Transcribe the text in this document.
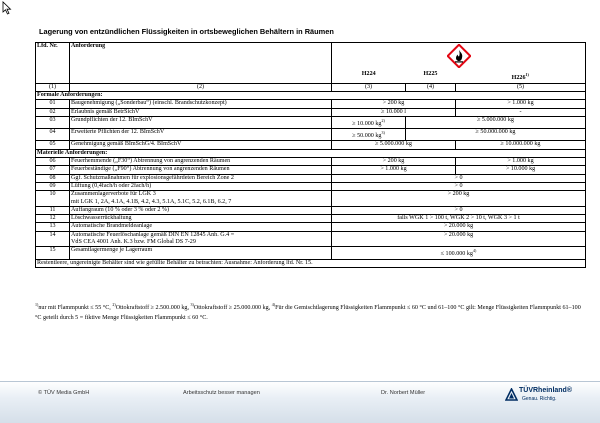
Lagerung von entzündlichen Flüssigkeiten in ortsbeweglichen Behältern in Räumen
Lfd. Nr.	Anforderung	
		H224	H225	H226$^{1)}$
(1)	(2)	(3)	(4)	(5)
Formale Anforderungen:				
01	Baugenehmigung („Sonderbau“) (einschl. Brandschutzkonzept)	> 200 kg		> 1.000 kg
02	Erlaubnis gemäß BetrSichV	≥ 10.000 l		-
03	Grundpflichten der 12. BImSchV	≥ 10.000 $kg^{2)}$	≥ 5.000.000 kg	
04	Erweiterte Pflichten der 12. BImSchV	≥ 50.000 $kg^{3)}$	≥ 50.000.000 kg	
05	Genehmigung gemäß BImSchG/4. BImSchV	≥ 5.000.000 kg		≥ 10.000.000 kg
Materielle Anforderungen:				
06	Feuerhemmende („F30“) Abtrennung von angrenzenden Räumen	> 200 kg		> 1.000 kg
07	Feuerbeständige („F90“) Abtrennung von angrenzenden Räumen	> 1.000 kg		> 10.000 kg
08	Ggf. Schutzmaßnahmen für explosionsgefährdeten Bereich Zone 2	> 0		
09	Lüftung (0,4fach/h oder 2fach/h)	> 0		
10	Zusammenlagerverbote für LGK 3
mit LGK 1, 2A, 4.1A, 4.1B, 4.2, 4.3, 5.1A, 5.1C, 5.2, 6.1B, 6.2, 7	> 200 kg		
11	Auffangraum (10 % oder 3 % oder 2 %)	> 0		
12	Löschwasserrückhaltung	falls WGK 1 > 100 t, WGK 2 > 10 t, WGK 3 > 1 t		
13	Automatische Brandmeldeanlage	> 20.000 kg		
14	Automatische Feuerlöschanlage gemäß DIN EN 12845 Anh. G.4 =
VdS CEA 4001 Anh. K.3 bzw. FM Global DS 7-29	> 20.000 kg		
15	Gesamtlagermenge je Lagerraum	≤ 100.000 $kg^{4)}$
Restentleere, ungereinigte Behälter sind wie gefüllte Behälter zu betrachten: Ausnahme: Anforderung lfd. Nr. 15.				
$^{1)}$nur mit Flammpunkt ≤ 55 °C, $^{2)}$Ottokraftstoff ≥ 2.500.000 kg, $^{3)}$Ottokraftstoff ≥ 25.000.000 kg, $^{4)}$Für die Gemischtlagerung Flüssigkeiten Flammpunkt ≤ 60 °C und 61–100 °C gilt: Menge Flüssigkeiten Flammpunkt 61–100 °C geteilt durch 5 = fiktive Menge Flüssigkeiten Flammpunkt ≤ 60 °C.
© TÜV Media GmbH	Arbeitsschutz besser managen	Dr. Norbert Müller	TÜVRheinland®
Genau. Richtig.
